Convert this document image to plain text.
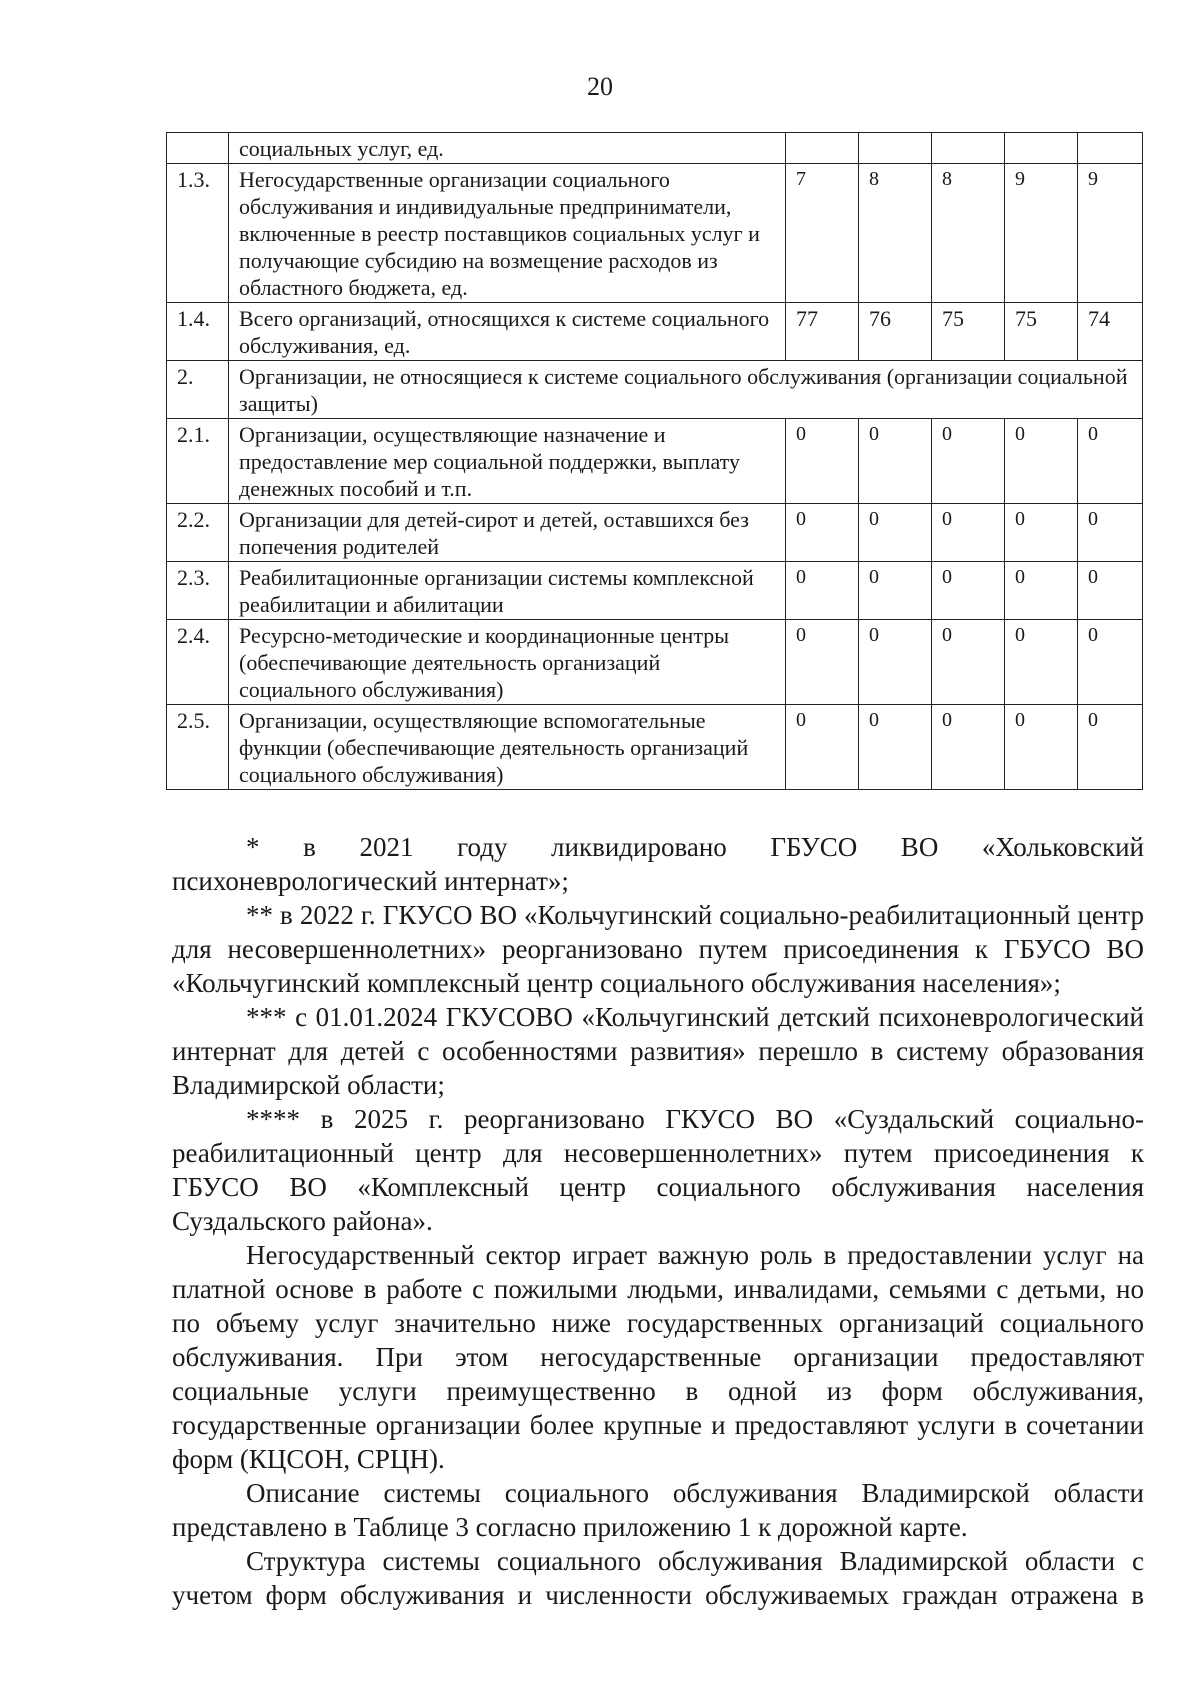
20
	социальных услуг, ед.					
1.3.	Негосударственные организации социального обслуживания и индивидуальные предприниматели, включенные в реестр поставщиков социальных услуг и получающие субсидию на возмещение расходов из областного бюджета, ед.	7	8	8	9	9
1.4.	Всего организаций, относящихся к системе социального обслуживания, ед.	77	76	75	75	74
2.	Организации, не относящиеся к системе социального обслуживания (организации социальной защиты)					
2.1.	Организации, осуществляющие назначение и предоставление мер социальной поддержки, выплату денежных пособий и т.п.	0	0	0	0	0
2.2.	Организации для детей-сирот и детей, оставшихся без попечения родителей	0	0	0	0	0
2.3.	Реабилитационные организации системы комплексной реабилитации и абилитации	0	0	0	0	0
2.4.	Ресурсно-методические и координационные центры (обеспечивающие деятельность организаций социального обслуживания)	0	0	0	0	0
2.5.	Организации, осуществляющие вспомогательные функции (обеспечивающие деятельность организаций социального обслуживания)	0	0	0	0	0

* в 2021 году ликвидировано ГБУСО ВО «Хольковский психоневрологический интернат»;

** в 2022 г. ГКУСО ВО «Кольчугинский социально-реабилитационный центр для несовершеннолетних» реорганизовано путем присоединения к ГБУСО ВО «Кольчугинский комплексный центр социального обслуживания населения»;

*** с 01.01.2024 ГКУСОВО «Кольчугинский детский психоневрологический интернат для детей с особенностями развития» перешло в систему образования Владимирской области;

**** в 2025 г. реорганизовано ГКУСО ВО «Суздальский социально-реабилитационный центр для несовершеннолетних» путем присоединения к ГБУСО ВО «Комплексный центр социального обслуживания населения Суздальского района».

Негосударственный сектор играет важную роль в предоставлении услуг на платной основе в работе с пожилыми людьми, инвалидами, семьями с детьми, но по объему услуг значительно ниже государственных организаций социального обслуживания. При этом негосударственные организации предоставляют социальные услуги преимущественно в одной из форм обслуживания, государственные организации более крупные и предоставляют услуги в сочетании форм (КЦСОН, СРЦН).

Описание системы социального обслуживания Владимирской области представлено в Таблице 3 согласно приложению 1 к дорожной карте.

Структура системы социального обслуживания Владимирской области с учетом форм обслуживания и численности обслуживаемых граждан отражена в
